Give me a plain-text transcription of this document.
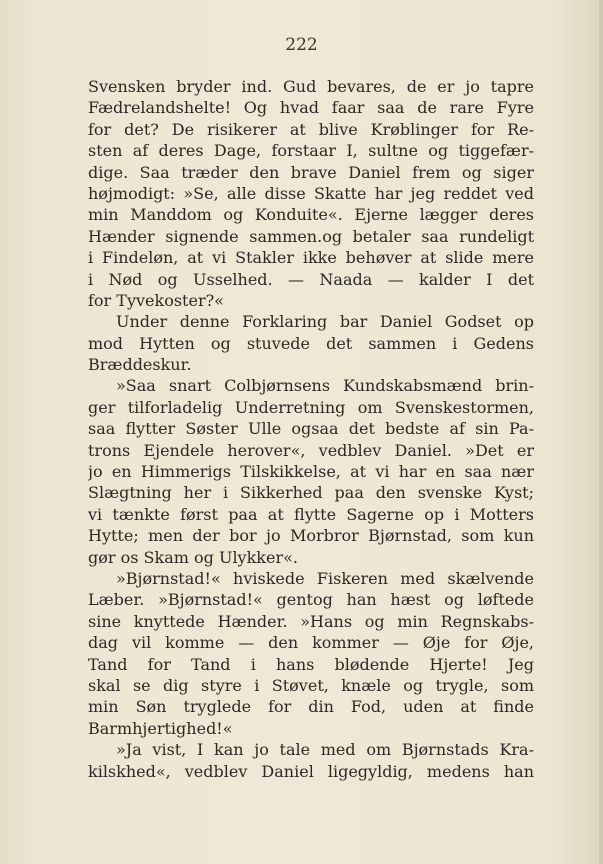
222
Svensken bryder ind. Gud bevares, de er jo tapre
Fædrelandshelte! Og hvad faar saa de rare Fyre
for det? De risikerer at blive Krøblinger for Re-
sten af deres Dage, forstaar I, sultne og tiggefær-
dige. Saa træder den brave Daniel frem og siger
højmodigt: »Se, alle disse Skatte har jeg reddet ved
min Manddom og Konduite«. Ejerne lægger deres
Hænder signende sammen.og betaler saa rundeligt
i Findeløn, at vi Stakler ikke behøver at slide mere
i Nød og Usselhed. — Naada — kalder I det
for Tyvekoster?«
Under denne Forklaring bar Daniel Godset op
mod Hytten og stuvede det sammen i Gedens
Bræddeskur.
»Saa snart Colbjørnsens Kundskabsmænd brin-
ger tilforladelig Underretning om Svenskestormen,
saa flytter Søster Ulle ogsaa det bedste af sin Pa-
trons Ejendele herover«, vedblev Daniel. »Det er
jo en Himmerigs Tilskikkelse, at vi har en saa nær
Slægtning her i Sikkerhed paa den svenske Kyst;
vi tænkte først paa at flytte Sagerne op i Motters
Hytte; men der bor jo Morbror Bjørnstad, som kun
gør os Skam og Ulykker«.
»Bjørnstad!« hviskede Fiskeren med skælvende
Læber. »Bjørnstad!« gentog han hæst og løftede
sine knyttede Hænder. »Hans og min Regnskabs-
dag vil komme — den kommer — Øje for Øje,
Tand for Tand i hans blødende Hjerte! Jeg
skal se dig styre i Støvet, knæle og trygle, som
min Søn tryglede for din Fod, uden at finde
Barmhjertighed!«
»Ja vist, I kan jo tale med om Bjørnstads Kra-
kilskhed«, vedblev Daniel ligegyldig, medens han
